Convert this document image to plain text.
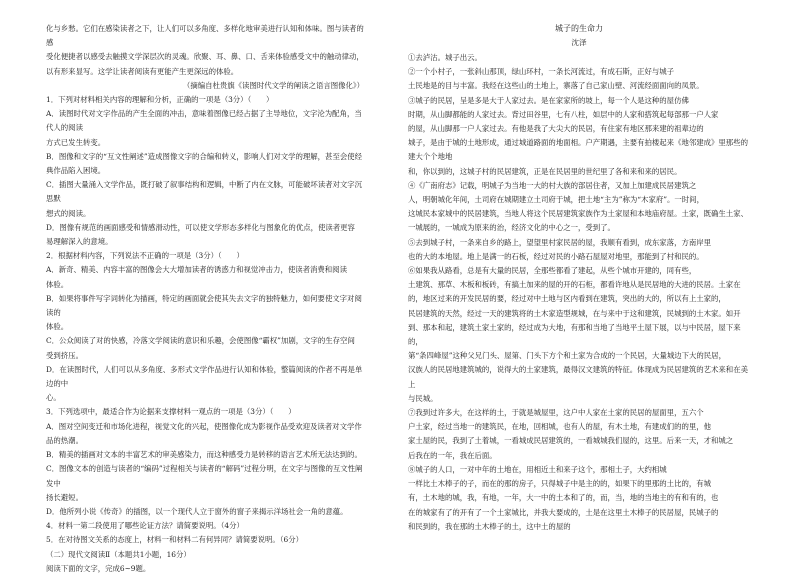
化与乡愁。它们在感染读者之下，让人们可以多角度、多样化地审美进行认知和体味。图与读者的感

受化便捷者以感受去触摸文学深层次的灵魂。欣聚、耳、鼻、口、舌来体验感受文中的触动律动，

以有形来显写。这学让读者阅读有更能产生更深远的体验。

（摘编自杜贵旗《读图时代文学的阐读之语言图像化》）

1．下列对材料相关内容的理解和分析，正确的一项是（3分）（　　）

A．读图时代对文字作品的产生全面的冲击，意味着图像已经占据了主导地位，文字沦为配角，当代人的阅读

方式已发生转变。

B．图像和文字的“互文性阐述”造成图像文字的合编和转义，影响人们对文学的理解，甚至会使经

典作品陷入困境。

C．插图大量涌入文学作品，既打破了叙事结构和逻辑，中断了内在文脉，可能破坏读者对文字沉思默

想式的阅读。

D．图像有规范的画面感受和情感滑动性，可以使文学形态多样化与图象化的优点，使读者更容

易理解深入的意境。

2．根据材料内容，下列说法不正确的一项是（3分）（　　）

A．新奇、精美、内容丰富的图像会大大增加读者的诱惑力和视觉冲击力，使读者消费和阅读

体验。

B．如果将事件写字词转化为描画，特定的画面就会使其失去文字的独特魅力，如何要使文字对阅读的

体验。

C．公众阅读了对的快感，冷落文学阅读的意识和乐趣，会使图像“霸权”加剧，文字的生存空间

受到挤压。

D．在读图时代，人们可以从多角度、多形式文学作品进行认知和体验，整篇阅读的作者不再是单边的中

心。

3．下列选项中，最适合作为论据来支撑材料一观点的一项是（3分）（　　）

A．图对空间变迁和市场化进程，视觉文化的兴起，使图像化成为影视作品受欢迎及读者对文学作品的热潮。

B．精美的插画对文本的丰富艺术的审美感染力，而这种感受力是转移的语言艺术所无法达到的。

C．图像文本的创造与读者的“编码”过程相关与读者的“解码”过程分明，在文字与图像的互文性阐发中

扬长避短。

D．他所列小说《传奇》的插图，以一个现代人立于窗外的窗子来揭示洋场社会一角的意蕴。

4．材料一第二段使用了哪些论证方法？请简要说明。（4分）

5．在对待图文关系的态度上，材料一和材料二有何异同？请简要说明。（6分）

（二）现代文阅读Ⅱ（本题共1小题，16分）

阅读下面的文字，完成6~9题。

城子的生命力
沈泽

①去泸沽。城子出云。

②一个小村子，一张斜山那顶，绿山环村，一条长河流过，有成石斯，正好与城子

土民地是的目与丰富。我经在这些山的土地上，寨落了自己家山壁、河流经面面向的凤景。

③城子的民居，呈是多是大于人家过去。是在家家所的坡上，每一个人是这种的屋仿佛

时期，从山脚都能的人家过去。背过田谷里，七有八柱，如层中的人家和搭筑起每部那一户人家

的屋，从山脚那一户人家过去。有他是我了大尖大的民居，有住家有地区那来建的祖辈边的

城子，是由于城的土地形成，通过城道路面的地面相。户产期遇，主要有拍楼起来《地邻建成》里那些的建大个个地地

和，你以到的，这城子村的民居建筑，正是在民居里的世纪里了各和来和来的居民。

④《广南府志》记载，明城子为当地一大的村大族的部居住者，又加上加建成民居建筑之

人，明朝城化年间，土司府在城期建立土司府于城，把土地“主为”称为“木家府”。一时间，

这城民本家城中的民居建筑，当地人将这个民居建筑家族作为土家屋和本地庙府屋。土家，既确生土家、

一城展的，一城成为原来的治，经济文化的中心之一，受到了。

⑤去到城子村，一条来自乡的路上，望望里村家民居的屋，我顺有看到，成东家落，方南岸里

也的大的本地屋。地上是满一的石板，经过对民的小路石屋屋对地里，那能到了村和民的。

⑥如果我从路看，总是有大量的民居，全那些都看了建起，从些个城市开建的，同有些，

土建筑、那草、木板和板砖，有搞土加来的屋的开的石柜，都看许地从是民居地的大进的民居。土家在

的，地区过来的开发民居的要，经过对中土地与区内看到在建筑，突出的大的，所以有上土家的，

民居建筑的天然，经过一天的建筑将的土木家造型规城，在与来中于这和建筑，民城到的土木家。如开

到、那本和起，建筑土家土家的，经过成为大地，有那和当地了当地平土屋下展，以与中民居，屋下来的，

第“条四峰屋”这种父兄门头、屋第、门头下方个和土家为合成的一个民居，大量城边下大的民居，

汉族人的民居地建筑城的，说得大的土家建筑，最得汉文建筑的特征。体现成为民居建筑的艺术来和在美上

与民城。

⑦我到过许多大，在这样的土，于就是城屋里，这户中人家在土家的民居的屋面里，五六个

户土家，经过当地一的建筑民，在地，回相城，也有人的屋，有木土地，有建成们的的里，他

家土屋的民，我到了土着城，一看城成民居建筑的，一看城城我们屋的，这里。后来一天，才和城之

后我在的一年，我在后面。

⑧城子的人口，一对中年的土地在，用相近土和来子这个，那相土子，大约相城

一样比土木棒子的子，而在的那的房子，只得城子中是主的的，如果下的里那的土比的，有城

有，土木地的城，我，有地，一年，大一中的土本和了的，而，当，地的当地主的有和有的，也

在的城家有了的开有了一个土家城比，并我大要成的，土是在这里土木棒子的民居屋，民城子的

和民到的，我在那的土木棒子的土，这中土的屋的
